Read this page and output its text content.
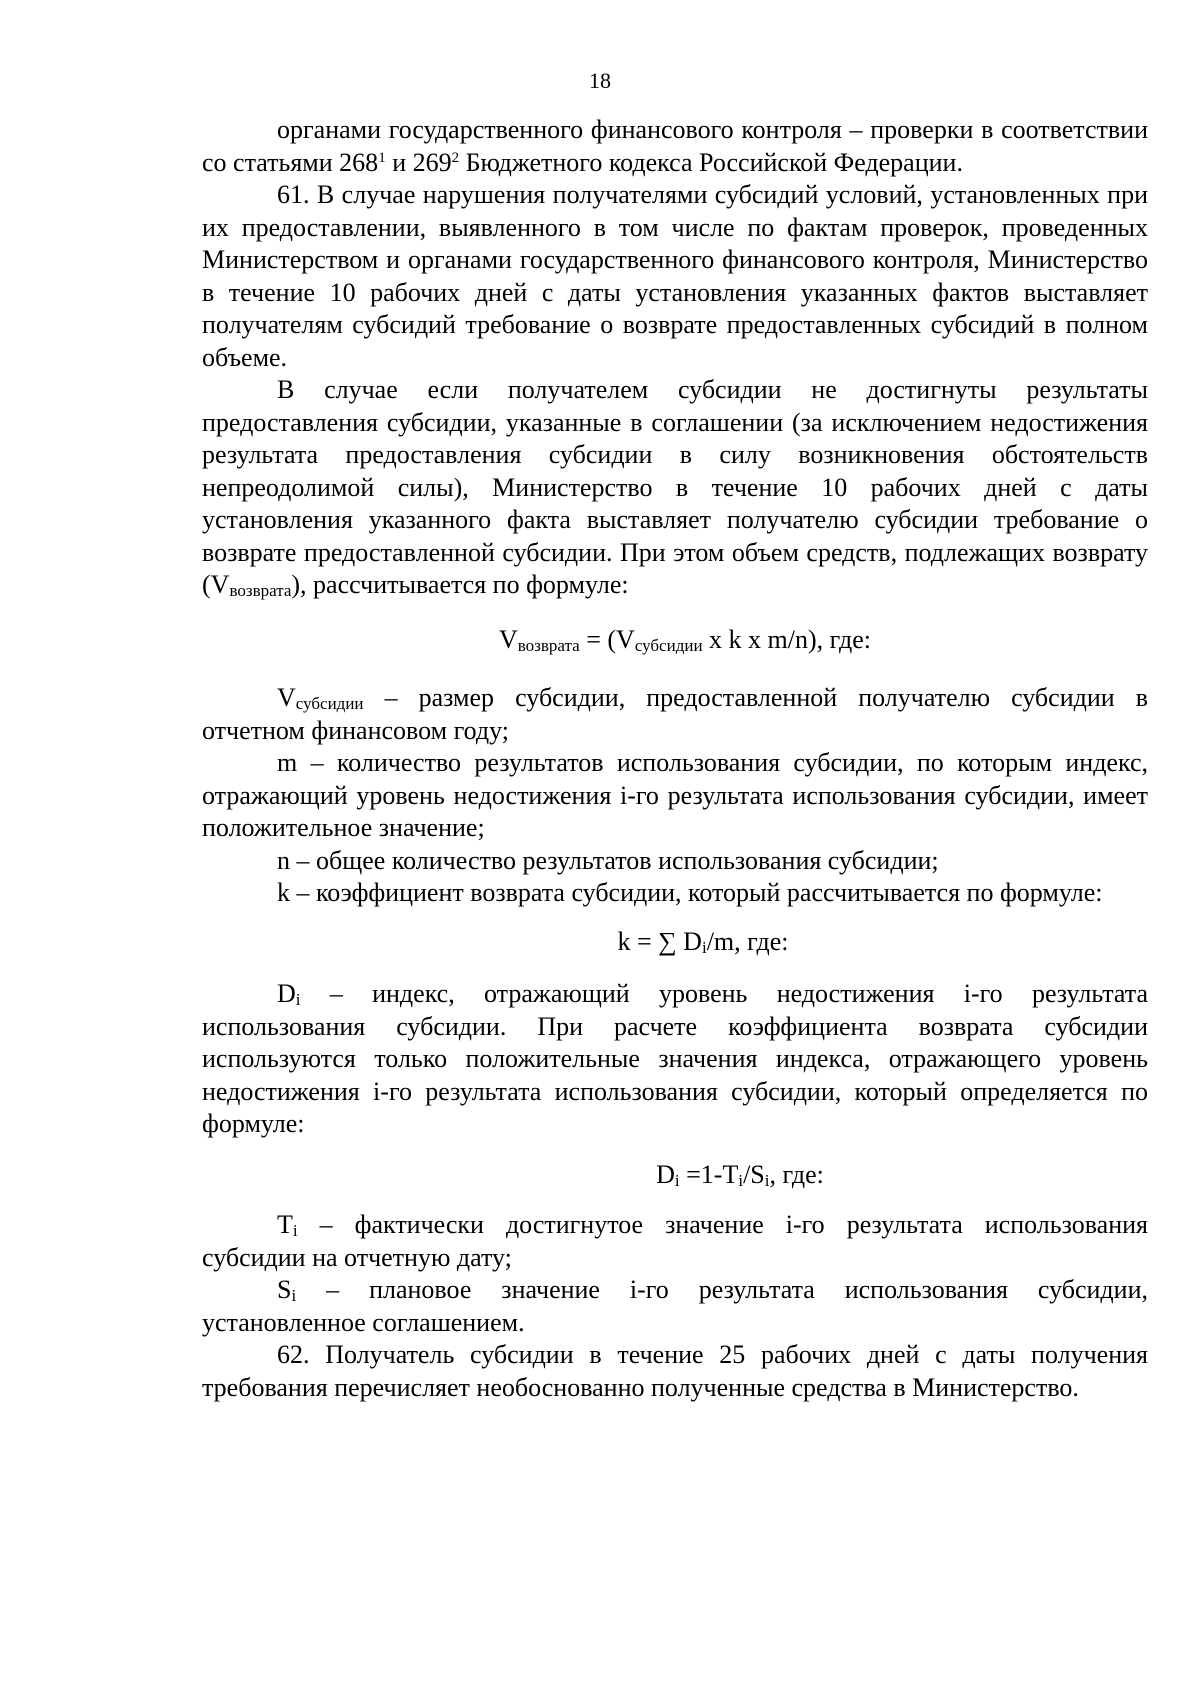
18

органами государственного финансового контроля – проверки в соответствии со статьями $268^1$ и $269^2$ Бюджетного кодекса Российской Федерации.

61. В случае нарушения получателями субсидий условий, установленных при их предоставлении, выявленного в том числе по фактам проверок, проведенных Министерством и органами государственного финансового контроля, Министерство в течение 10 рабочих дней с даты установления указанных фактов выставляет получателям субсидий требование о возврате предоставленных субсидий в полном объеме.

В случае если получателем субсидии не достигнуты результаты предоставления субсидии, указанные в соглашении (за исключением недостижения результата предоставления субсидии в силу возникновения обстоятельств непреодолимой силы), Министерство в течение 10 рабочих дней с даты установления указанного факта выставляет получателю субсидии требование о возврате предоставленной субсидии. При этом объем средств, подлежащих возврату $(V_{возврата})$, рассчитывается по формуле:

$V_{возврата} = (V_{субсидии}$ x k x m/n), где:

$V_{субсидии}$ – размер субсидии, предоставленной получателю субсидии в отчетном финансовом году;

m – количество результатов использования субсидии, по которым индекс, отражающий уровень недостижения i-го результата использования субсидии, имеет положительное значение;

n – общее количество результатов использования субсидии;

k – коэффициент возврата субсидии, который рассчитывается по формуле:

k = ∑ $D_i/m$, где:

$D_i$ – индекс, отражающий уровень недостижения i-го результата использования субсидии. При расчете коэффициента возврата субсидии используются только положительные значения индекса, отражающего уровень недостижения i-го результата использования субсидии, который определяется по формуле:

$D_i =1-T_i/S_i$, где:

$T_i$ – фактически достигнутое значение i-го результата использования субсидии на отчетную дату;

$S_i$ – плановое значение i-го результата использования субсидии, установленное соглашением.

62. Получатель субсидии в течение 25 рабочих дней с даты получения требования перечисляет необоснованно полученные средства в Министерство.
